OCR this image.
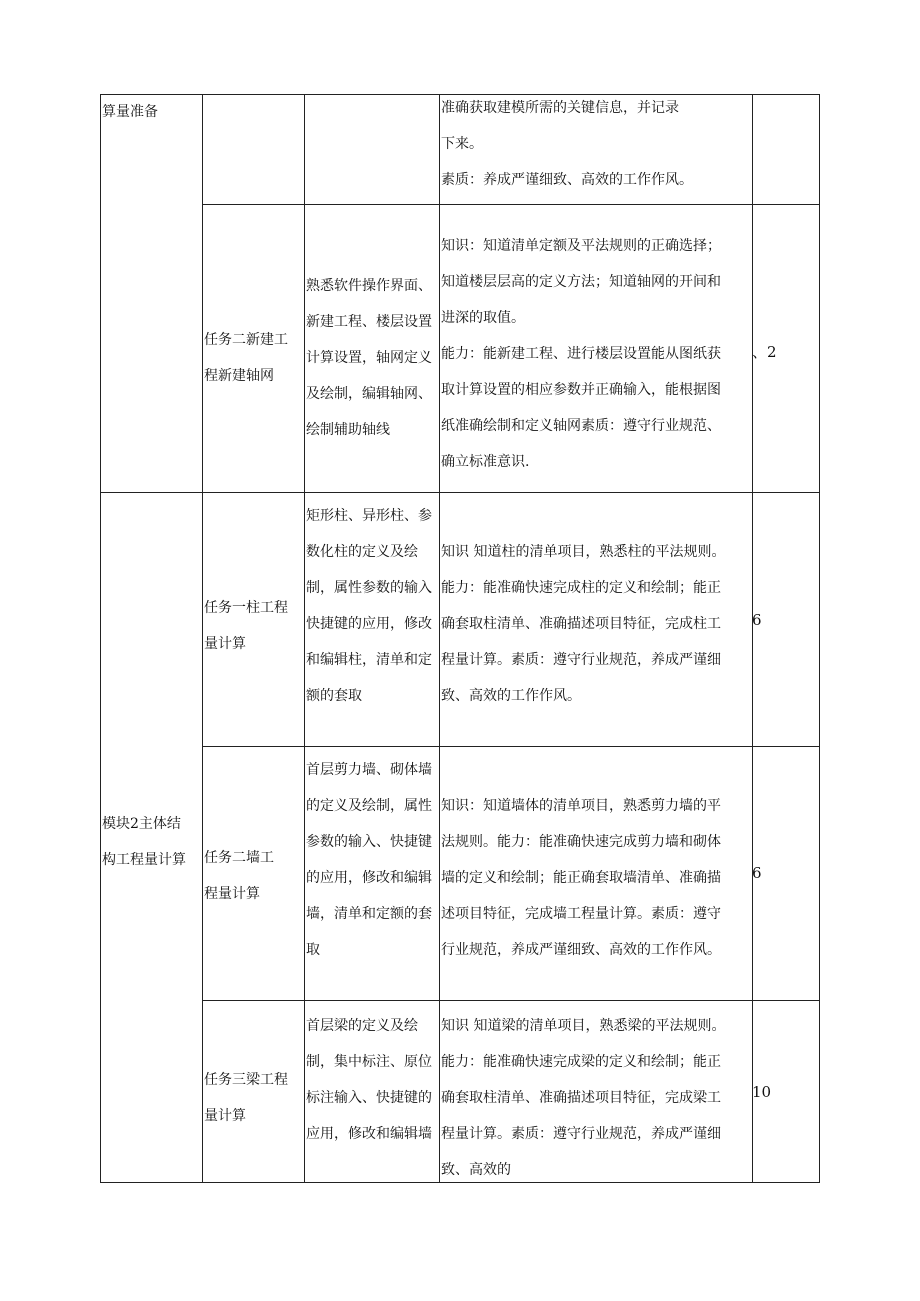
算量准备	准确获取建模所需的关键信息，并记录
下来。
素质：养成严谨细致、高效的工作作风。
任务二新建工
程新建轴网
熟悉软件操作界面、
新建工程、楼层设置
计算设置，轴网定义
及绘制，编辑轴网、
绘制辅助轴线
知识：知道清单定额及平法规则的正确选择；
知道楼层层高的定义方法；知道轴网的开间和
进深的取值。
能力：能新建工程、进行楼层设置能从图纸获
取计算设置的相应参数并正确输入，能根据图
纸准确绘制和定义轴网素质：遵守行业规范、
确立标准意识.
、2
模块2主体结
构工程量计算
任务一柱工程
量计算
矩形柱、异形柱、参
数化柱的定义及绘
制，属性参数的输入
快捷键的应用，修改
和编辑柱，清单和定
额的套取
知识 知道柱的清单项目，熟悉柱的平法规则。
能力：能准确快速完成柱的定义和绘制；能正
确套取柱清单、准确描述项目特征，完成柱工
程量计算。素质：遵守行业规范，养成严谨细
致、高效的工作作风。
6
任务二墙工
程量计算
首层剪力墙、砌体墙
的定义及绘制，属性
参数的输入、快捷键
的应用，修改和编辑
墙，清单和定额的套
取
知识：知道墙体的清单项目，熟悉剪力墙的平
法规则。能力：能准确快速完成剪力墙和砌体
墙的定义和绘制；能正确套取墙清单、准确描
述项目特征，完成墙工程量计算。素质：遵守
行业规范，养成严谨细致、高效的工作作风。
6
任务三梁工程
量计算
首层梁的定义及绘
制，集中标注、原位
标注输入、快捷键的
应用，修改和编辑墙
知识 知道梁的清单项目，熟悉梁的平法规则。
能力：能准确快速完成梁的定义和绘制；能正
确套取柱清单、准确描述项目特征，完成梁工
程量计算。素质：遵守行业规范，养成严谨细
致、高效的
10
